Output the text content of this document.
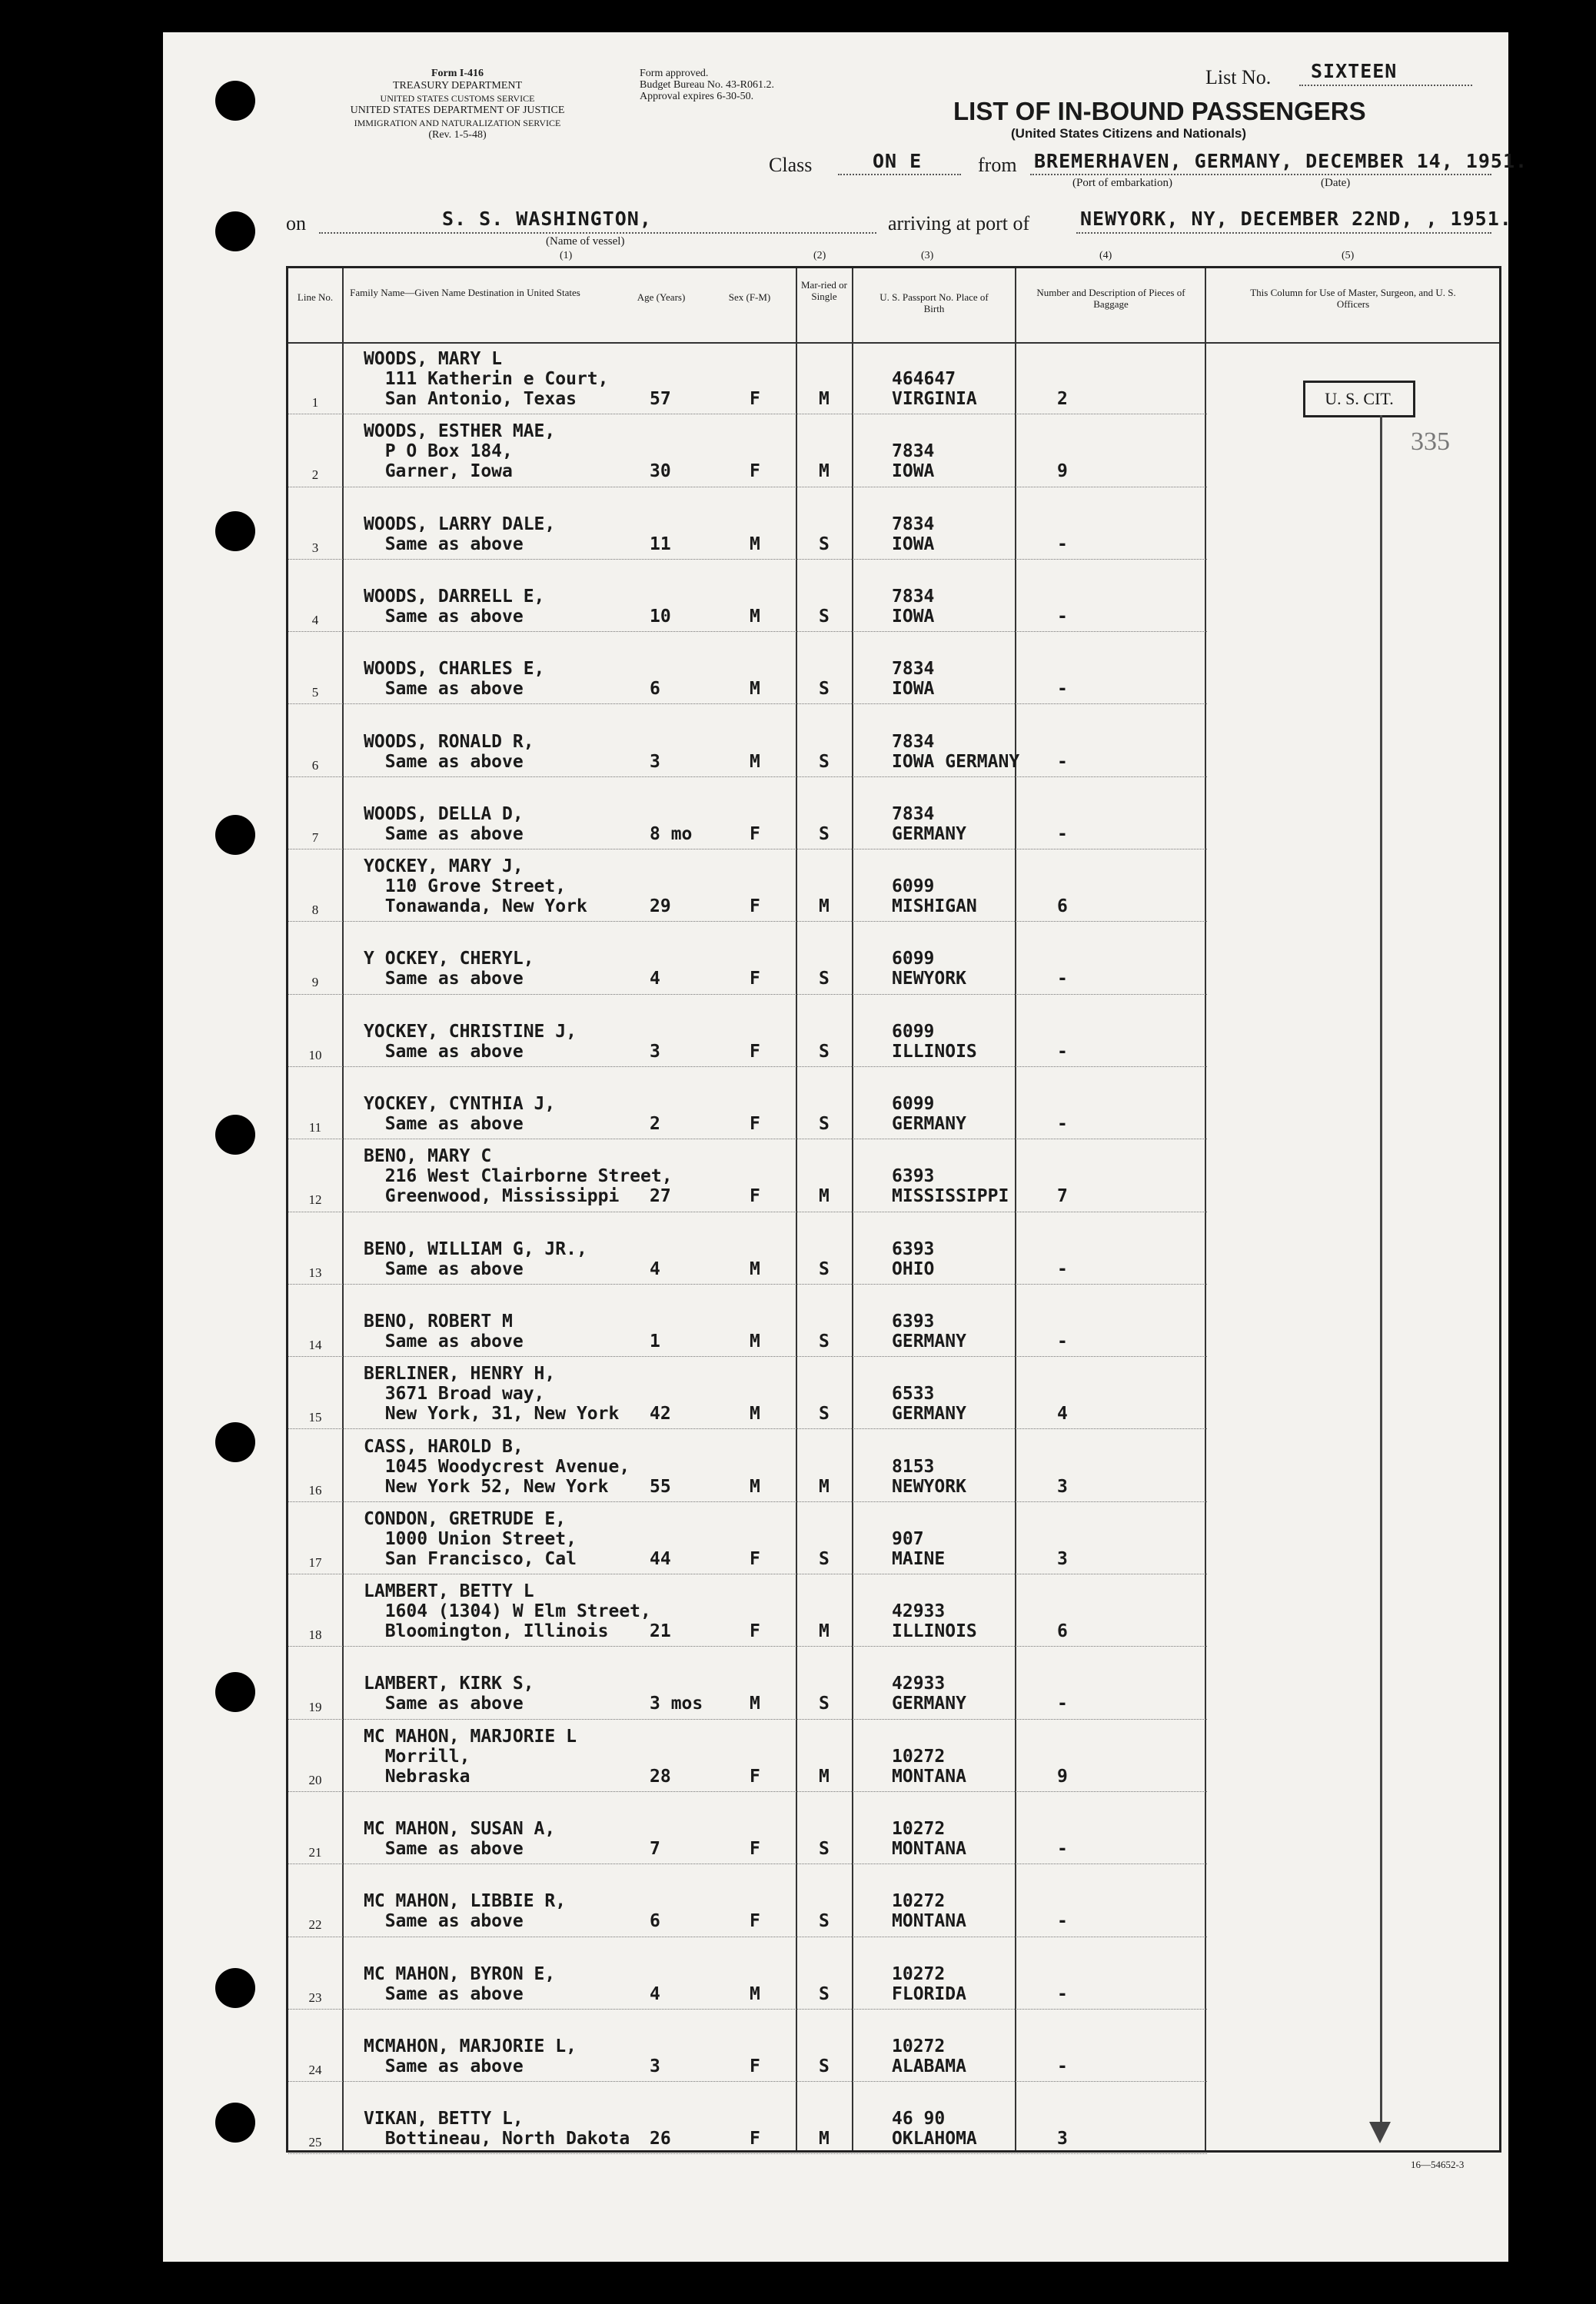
Form I-416
TREASURY DEPARTMENT
UNITED STATES CUSTOMS SERVICE
UNITED STATES DEPARTMENT OF JUSTICE
IMMIGRATION AND NATURALIZATION SERVICE
(Rev. 1-5-48)
Form approved.
Budget Bureau No. 43-R061.2.
Approval expires 6-30-50.
List No. SIXTEEN
LIST OF IN-BOUND PASSENGERS
(United States Citizens and Nationals)
Class	ON E	from BREMERHAVEN, GERMANY, DECEMBER 14, 1951.
(Port of embarkation)	(Date)
on	S. S. WASHINGTON,
(Name of vessel)
arriving at port of	NEWYORK, NY, DECEMBER 22ND, , 1951.
(1)	(2)	(3)	(4)	(5)
Line No. Family Name—Given Name Destination in United States	Age (Years)	Sex (F-M)
Mar-ried or Single	U. S. Passport No. Place of Birth
Number and Description of Pieces of Baggage
This Column for Use of Master, Surgeon, and U. S. Officers
1
WOODS, MARY L
111 Katherin e Court,
San Antonio, Texas	57	F	M
464647
VIRGINIA	2
2
WOODS, ESTHER MAE,
P O Box 184,
Garner, Iowa	30	F	M
7834
IOWA	9
3
WOODS, LARRY DALE,
Same as above	11	M	S
7834
IOWA	-
4
WOODS, DARRELL E,
Same as above	10	M	S
7834
IOWA	-
5
WOODS, CHARLES E,
Same as above	6	M	S
7834
IOWA	-
6
WOODS, RONALD R,
Same as above	3	M	S
7834
IOWA GERMANY -
7
WOODS, DELLA D,
Same as above	8 mo	F	S
7834
GERMANY	-
8
YOCKEY, MARY J,
110 Grove Street,
Tonawanda, New York	29	F	M
6099
MISHIGAN	6
9
Y OCKEY, CHERYL,
Same as above	4	F	S
6099
NEWYORK	-
10
YOCKEY, CHRISTINE J,
Same as above	3	F	S
6099
ILLINOIS	-
11
YOCKEY, CYNTHIA J,
Same as above	2	F	S
6099
GERMANY	-
12
BENO, MARY C
216 West Clairborne Street,
Greenwood, Mississippi 27	F	M
6393
MISSISSIPPI	7
13
BENO, WILLIAM G, JR.,
Same as above	4	M	S
6393
OHIO	-
14
BENO, ROBERT M
Same as above	1	M	S
6393
GERMANY	-
15
BERLINER, HENRY H,
3671 Broad way,
New York, 31, New York 42	M	S
6533
GERMANY	4
16
CASS, HAROLD B,
1045 Woodycrest Avenue,
New York 52, New York 55	M	M
8153
NEWYORK	3
17
CONDON, GRETRUDE E,
1000 Union Street,
San Francisco, Cal	44	F	S
907
MAINE	3
18
LAMBERT, BETTY L
1604 (1304) W Elm Street,
Bloomington, Illinois 21	F	M
42933
ILLINOIS	6
19
LAMBERT, KIRK S,
Same as above	3 mos	M	S
42933
GERMANY	-
20
MC MAHON, MARJORIE L
Morrill,
Nebraska	28	F	M
10272
MONTANA	9
21
MC MAHON, SUSAN A,
Same as above	7	F	S
10272
MONTANA	-
22
MC MAHON, LIBBIE R,
Same as above	6	F	S
10272
MONTANA	-
23
MC MAHON, BYRON E,
Same as above	4	M	S
10272
FLORIDA	-
24
MCMAHON, MARJORIE L,
Same as above	3	F	S
10272
ALABAMA	-
25
VIKAN, BETTY L,
Bottineau, North Dakota 26	F	M
46 90
OKLAHOMA	3
U. S. CIT.
335
16—54652-3
